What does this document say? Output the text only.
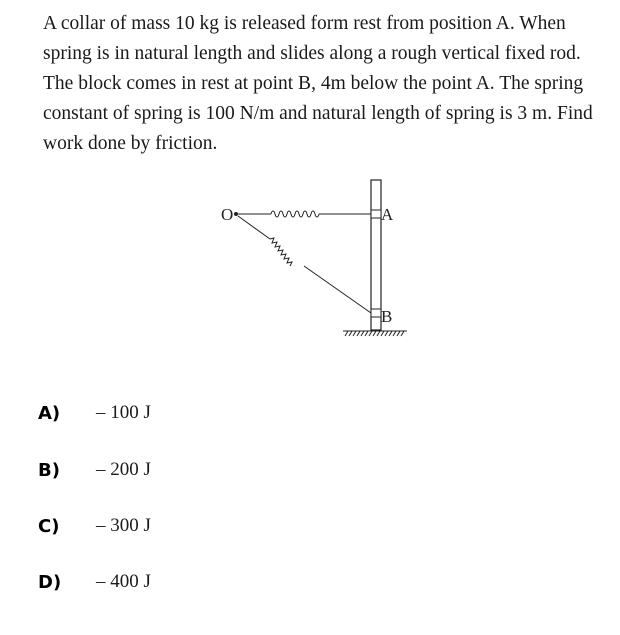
A collar of mass 10 kg is released form rest from position A. When spring is in natural length and slides along a rough vertical fixed rod. The block comes in rest at point B, 4m below the point A. The spring constant of spring is 100 N/m and natural length of spring is 3 m. Find work done by friction.

O	A
B
A)	– 100 J
B)	– 200 J
C)	– 300 J
D)	– 400 J
